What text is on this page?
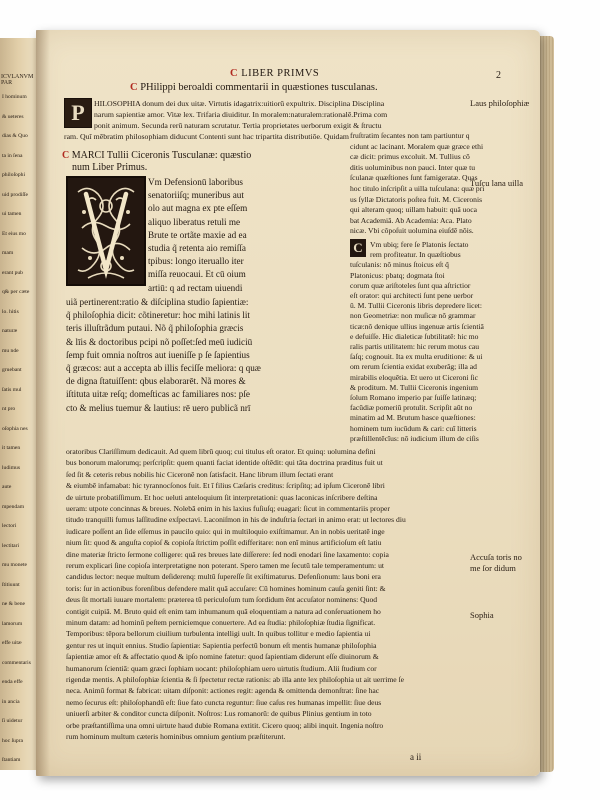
ICVLANVM PAR
I hominum
& ueteres
dias & Quo
ta in ſena
philoſophi
uid prodiſſe
ui tamen
Et eius mo
mam
erant pub
q& per cæte
lo. hitis
naturæ
mu nde
gruebant
ſatis mul
nt pro
oſophia nes
it tamen
ludimus
aute
mpendam
lectori
lectitari
mu monete
ſtitiuunt
ne & bene
lamorum
effe uitæ
commentaris
enda effe
in ancia
ſi uidetur
hoc ſupra
ſtantiam
C LIBER PRIMVS	2
C PHilippi beroaldi commentarii in quæstiones tusculanas.
P	HILOSOPHIA donum dei dux uitæ. Virtutis idagatrix:uitiorū expultrix. Disciplina Disciplina
narum sapientiæ amor. Vitæ lex. Trifaria diuiditur. In moralem:naturalem:rationalē.Prima com
ponit animum. Secunda rerū naturam scrutatur. Tertia proprietates uerborum exigit & ſtructu
ram. Quĩ mēbratim philosophiam diducunt Contenti sunt hac tripartita distributiōe. Quidam
C MARCI Tullii Ciceronis Tusculanæ: quæstio
num Liber Primus.
Vm Defensionū laboribus
senatoriiſq; muneribus aut
olo aut magna ex pte eſſem
aliquo liberatus retuli me
Brute te ortãte maxie ad ea
studia q̃ retenta aio remiſſa
tpibus: longo iteruallo iter
miſſa reuocaui. Et cū oium
artiū: q ad rectam uiuendi
uiã pertinerent:ratio & diſciplina studio ſapientiæ:
q̃ philoſophia dicit: cõtineretur: hoc mihi latinis lit
teris illuſtrãdum putaui. Nõ q̃ philoſophia græcis
& līis & doctoribus pcipi nõ poſſet:ſed meū iudiciū
ſemp fuit omnia noſtros aut iueniſſe p ſe ſapientius
q̃ græcos: aut a accepta ab illis feciſſe meliora: q quæ
de digna ſtatuiſſent: qbus elaborarēt. Nã mores &
iſtituta uitæ reſq; domeſticas ac familiares nos: pſe
cto & melius tuemur & lautius: rē uero publicã nrī
fruſtratim ſecantes non tam partiuntur q
cidunt ac lacinant. Moralem quæ græce ethi
cæ dicit: primus excoluit. M. Tullius cō
ditis uoluminibus non pauci. Inter quæ tu
ſculanæ quæſtiones ſunt famigeratæ. Quas
hoc titulo inſcripſit a uilla tuſculana: quæ pri
us ſyllæ Dictatoris poſtea fuit. M. Ciceronis
qui alteram quoq; uillam habuit: quã uoca
bat Academiã. Ab Academia: Aca. Plato
nicæ. Vbi cõpoſuit uolumina eiuſdē nõis.
C Vm ubiq; fere ſe Platonis ſectato
rem profiteatur. In quæſtiobus
tuſculanis: nõ minus ſtoicus eſt q̃
Platonicus: pbatq; dogmata ſtoi
corum quæ ariſtoteles ſunt qua aſtrictior
eſt orator: qui architecti ſunt pene uerbor
ũ. M. Tullii Ciceronis libris depredere licet:
non Geometriæ: non muſicæ nõ grammar
ticæ:nõ denique ullius ingenuæ artis ſcientiã
e defuiſſe. Hic dialeticæ ſubtilitatē: hic mo
ralis partis utilitatem: hic rerum motus cau
ſaſq; cognouit. Ita ex multa eruditione: & ui
om rerum ſcientia exidat exuberãg; illa ad
mirabilis eloquētia. Et uero ut Ciceroni ſic
& proditum. M. Tullii Ciceronis ingenium
ſolum Romano imperio par ſuiſſe latinæq;
facūdiæ pomeriū protulit. Scripſit aūt no
minatim ad M. Brutum hasce quæſtiones:
hominem tum iucūdum & cari: cuī litteris
præſtillentēcīus: nō iudicium illum de ciſis
oratoribus Clariſſimum dedicauit. Ad quem librū quoq; cui titulus eſt orator. Et quinq: uolumina defini
bus bonorum malorumq; perſcripſit: quem quanti faciat identide oſtēdit: qui tãta doctrina præditus fuit ut
ſed ſit & ceteris rebus nobilis hic Ciceronē non ſatisfacit. Hanc librum illum ſectati erant
& eiumbē infamabat: hic tyrannocſonos fuit. Et ī filius Cæſaris creditus: ſcripſitq; ad ipſum Ciceronē libri
de uirtute probatiſſimum. Et hoc ueluti anteloquium ſit interpretationi: quas laconicas inſcribere deſtina
ueram: utpote concinnas & breues. Nolebā enim in his laxius fuſiuſq; euagari: ſicut in commentariis proper
titudo tranquilli fumus laſſitudine exſpectavi. Laconiſmon in his de induſtria ſectari in animo erat: ut lectores diu
iudicare poſſent an ſide eſſemus in paucilo quio: qui in multiloquio exiſtimamur. An in nobis ueritatē inge
nium ſit: quod & anguſta copioſ & copioſa ſtrictim poſſit edifferitare: non enī minus artificioſum eſt latiu
dine materiæ ſtricto ſermone colligere: quā res breues late diſſerere: ſed nodi enodari ſine laxamento: copia
rerum explicari ſine copioſa interpretatigne non poterant. Spero tamen me ſecutū tale temperamentum: ut
candidus lector: neque multum deſiderenq: multū ſupereſſe ſit exiſtimaturus. Defenſionum: laus boni era
toris: ſur in actionibus forenſibus defendere malit quā accuſare: Cū homines hominum cauſa geniti ſint: &
deus ſit mortali iuuare mortalem: præterea tū periculoſum tum ſordidum ēnt accuſator nominens: Quod
contigit cuipiā. M. Bruto quid eſt enim tam inhumanum quā eloquentiam a natura ad conſeruationem ho
minum datam: ad hominū peſtem perniciemque conuertere. Ad ea ſtudia: philoſophiæ ſtudia ſignificat.
Temporibus: tēpora bellorum ciuilium turbulenta intelligi uult. In quibus tollitur e medio ſapientia ui
gentur res ut inquit ennius. Studio ſapientiæ: Sapientia perfectū bonum eſt mentis humanæ philoſophia
ſapientiæ amor eſt & affectatio quod & ipſo nomine fatetur: quod ſapientiam diderunt eſſe diuinorum &
humanorum ſcientiā: quam græci ſophiam uocant: philoſophiam uero uirtutis ſtudium. Alii ſtudium cor
rigendæ mentis. A philoſophiæ ſcientia & ſi ſpectetur rectæ rationis: ab illa ante lex philoſophia ut ait uerrime ſe
neca. Animū format & fabricat: uitam diſponit: actiones regit: agenda & omittenda demonſtrat: ſine hac
nemo ſecurus eſt: philoſophandū eſt: ſiue fato cuncta reguntur: ſiue caſus res humanas impellit: ſiue deus
uniuerſi arbiter & conditor cuncta diſponit. Noſtros: Lus romanorū: de quibus Plinius gentium in toto
orbe præſtantiſſima una omni uirtute haud dubie Romana extitit. Cicero quoq; alibi inquit. Ingenia noſtro
rum hominum multum cæteris hominibus omnium gentium præſtiterunt.
Laus philoſophiæ
Tuſcu lana uilla
Accuſa toris no me ſor didum
Sophia
a ii
